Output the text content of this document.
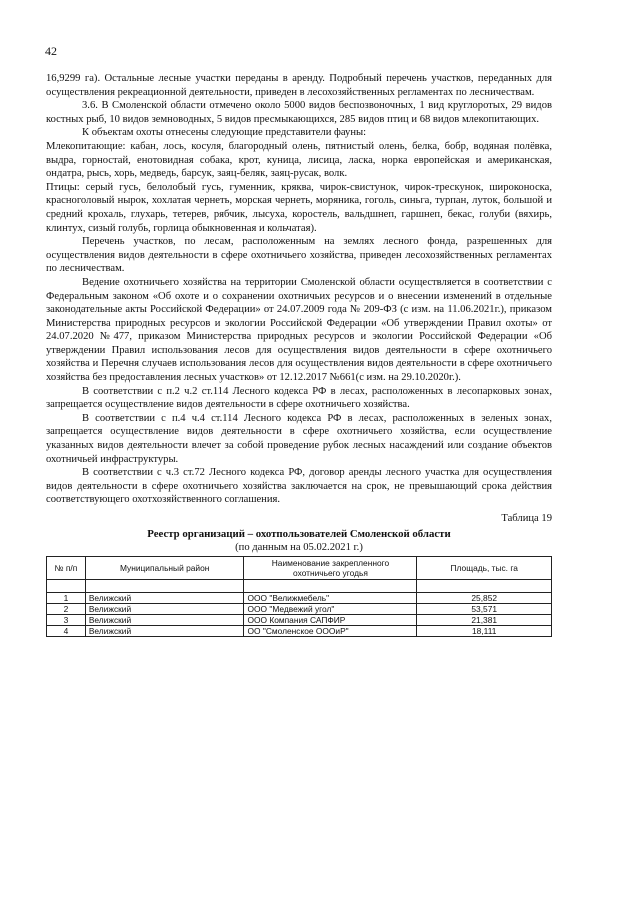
42

16,9299 га). Остальные лесные участки переданы в аренду. Подробный перечень участков, переданных для осуществления рекреационной деятельности, приведен в лесохозяйственных регламентах по лесничествам.

3.6. В Смоленской области отмечено около 5000 видов беспозвоночных, 1 вид круглоротых, 29 видов костных рыб, 10 видов земноводных, 5 видов пресмыкающихся, 285 видов птиц и 68 видов млекопитающих.

К объектам охоты отнесены следующие представители фауны:

Млекопитающие: кабан, лось, косуля, благородный олень, пятнистый олень, белка, бобр, водяная полёвка, выдра, горностай, енотовидная собака, крот, куница, лисица, ласка, норка европейская и американская, ондатра, рысь, хорь, медведь, барсук, заяц-беляк, заяц-русак, волк.

Птицы: серый гусь, белолобый гусь, гуменник, кряква, чирок-свистунок, чирок-трескунок, широконоска, красноголовый нырок, хохлатая чернеть, морская чернеть, моряника, гоголь, синьга, турпан, луток, большой и средний крохаль, глухарь, тетерев, рябчик, лысуха, коростель, вальдшнеп, гаршнеп, бекас, голуби (вяхирь, клинтух, сизый голубь, горлица обыкновенная и кольчатая).

Перечень участков, по лесам, расположенным на землях лесного фонда, разрешенных для осуществления видов деятельности в сфере охотничьего хозяйства, приведен лесохозяйственных регламентах по лесничествам.

Ведение охотничьего хозяйства на территории Смоленской области осуществляется в соответствии с Федеральным законом «Об охоте и о сохранении охотничьих ресурсов и о внесении изменений в отдельные законодательные акты Российской Федерации» от 24.07.2009 года № 209-ФЗ (с изм. на 11.06.2021г.), приказом Министерства природных ресурсов и экологии Российской Федерации «Об утверждении Правил охоты» от 24.07.2020 №477, приказом Министерства природных ресурсов и экологии Российской Федерации «Об утверждении Правил использования лесов для осуществления видов деятельности в сфере охотничьего хозяйства и Перечня случаев использования лесов для осуществления видов деятельности в сфере охотничьего хозяйства без предоставления лесных участков» от 12.12.2017 №661(с изм. на 29.10.2020г.).

В соответствии с п.2 ч.2 ст.114 Лесного кодекса РФ в лесах, расположенных в лесопарковых зонах, запрещается осуществление видов деятельности в сфере охотничьего хозяйства.

В соответствии с п.4 ч.4 ст.114 Лесного кодекса РФ в лесах, расположенных в зеленых зонах, запрещается осуществление видов деятельности в сфере охотничьего хозяйства, если осуществление указанных видов деятельности влечет за собой проведение рубок лесных насаждений или создание объектов охотничьей инфраструктуры.

В соответствии с ч.3 ст.72 Лесного кодекса РФ, договор аренды лесного участка для осуществления видов деятельности в сфере охотничьего хозяйства заключается на срок, не превышающий срока действия соответствующего охотхозяйственного соглашения.

Таблица 19
Реестр организаций – охотпользователей Смоленской области
(по данным на 05.02.2021 г.)
№ п/п	Муниципальный район	Наименование закрепленного охотничьего угодья	Площадь, тыс. га

1	Велижский	ООО "Велижмебель"	25,852
2	Велижский	ООО "Медвежий угол"	53,571
3	Велижский	ООО Компания САПФИР	21,381
4	Велижский	ОО "Смоленское ОООиР"	18,111
